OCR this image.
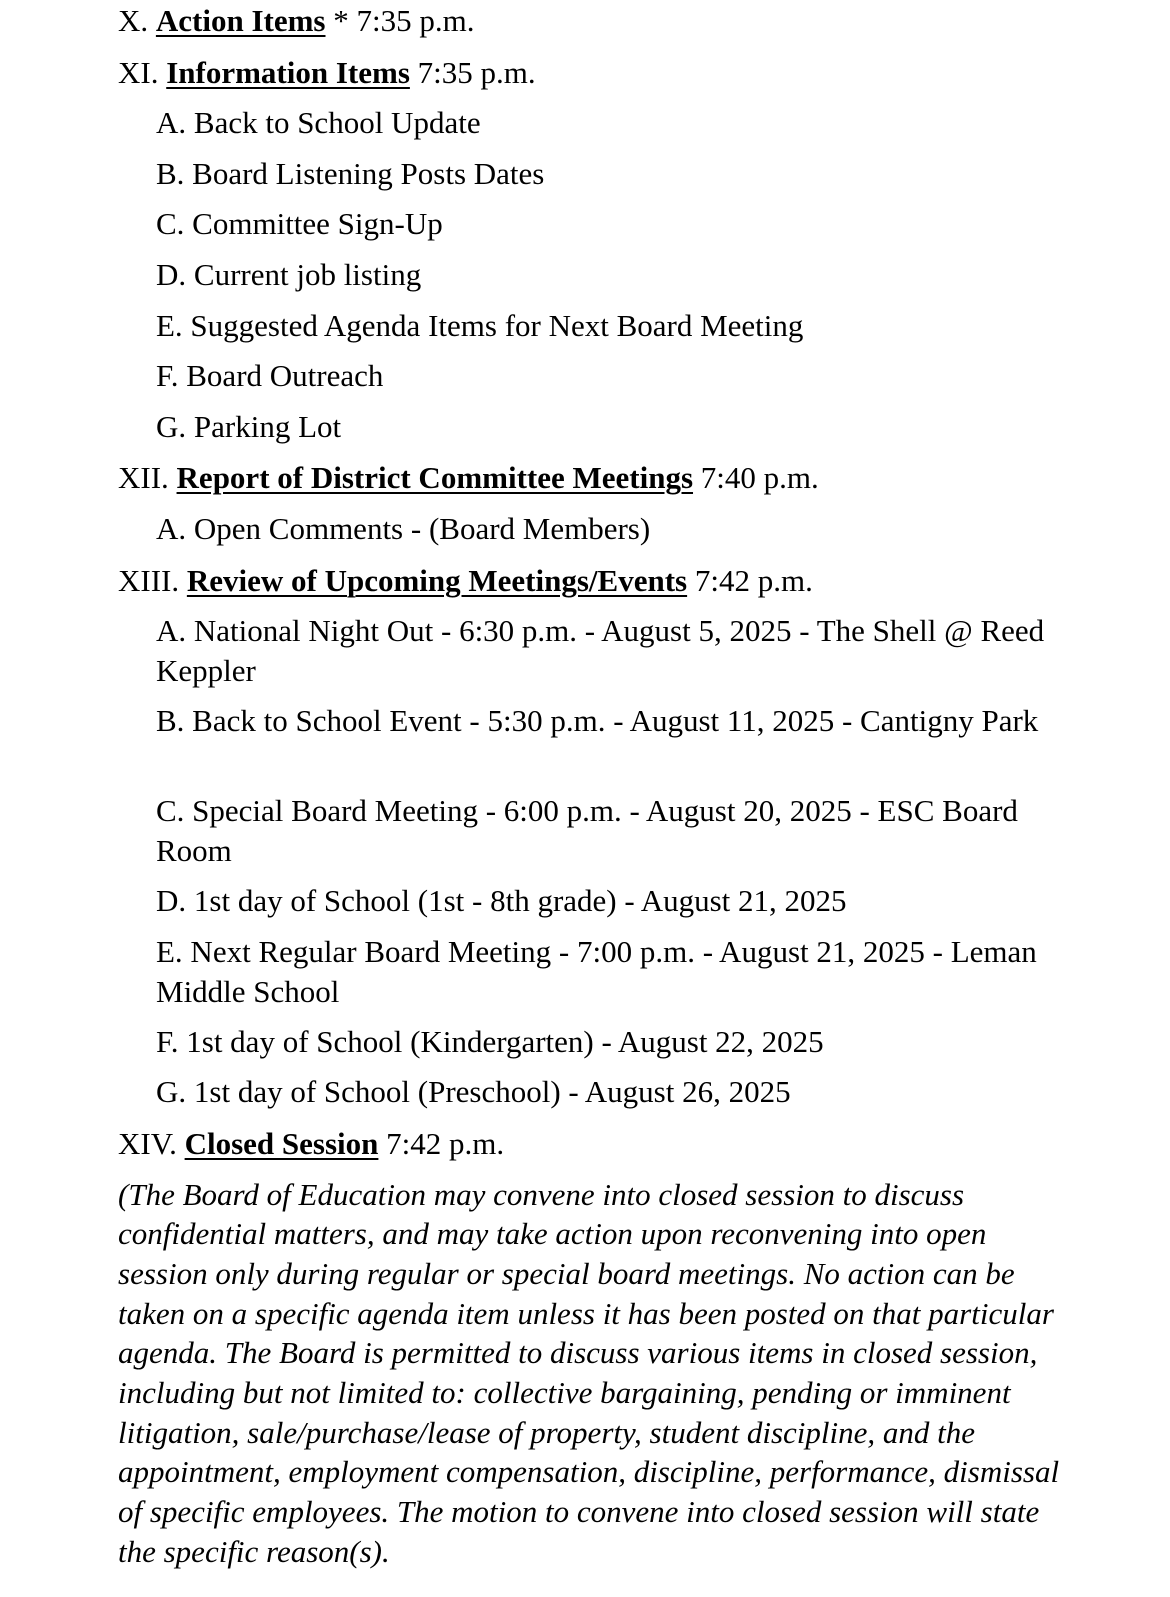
X.
Action Items * 7:35 p.m.
XI.
Information Items 7:35 p.m.
A. Back to School Update
B. Board Listening Posts Dates
C. Committee Sign-Up
D. Current job listing
E. Suggested Agenda Items for Next Board Meeting
F. Board Outreach
G. Parking Lot
XII.
Report of District Committee Meetings 7:40 p.m.
A. Open Comments - (Board Members)
XIII.
Review of Upcoming Meetings/Events 7:42 p.m.
A. National Night Out - 6:30 p.m. - August 5, 2025 - The Shell @ Reed Keppler
B. Back to School Event - 5:30 p.m. - August 11, 2025 - Cantigny Park
C. Special Board Meeting - 6:00 p.m. - August 20, 2025 - ESC Board Room
D. 1st day of School (1st - 8th grade) - August 21, 2025
E. Next Regular Board Meeting - 7:00 p.m. - August 21, 2025 - Leman Middle School
F. 1st day of School (Kindergarten) - August 22, 2025
G. 1st day of School (Preschool) - August 26, 2025
XIV.
Closed Session 7:42 p.m.
(The Board of Education may convene into closed session to discuss confidential matters, and may take action upon reconvening into open session only during regular or special board meetings. No action can be taken on a specific agenda item unless it has been posted on that particular agenda. The Board is permitted to discuss various items in closed session, including but not limited to: collective bargaining, pending or imminent litigation, sale/purchase/lease of property, student discipline, and the appointment, employment compensation, discipline, performance, dismissal of specific employees. The motion to convene into closed session will state the specific reason(s).
